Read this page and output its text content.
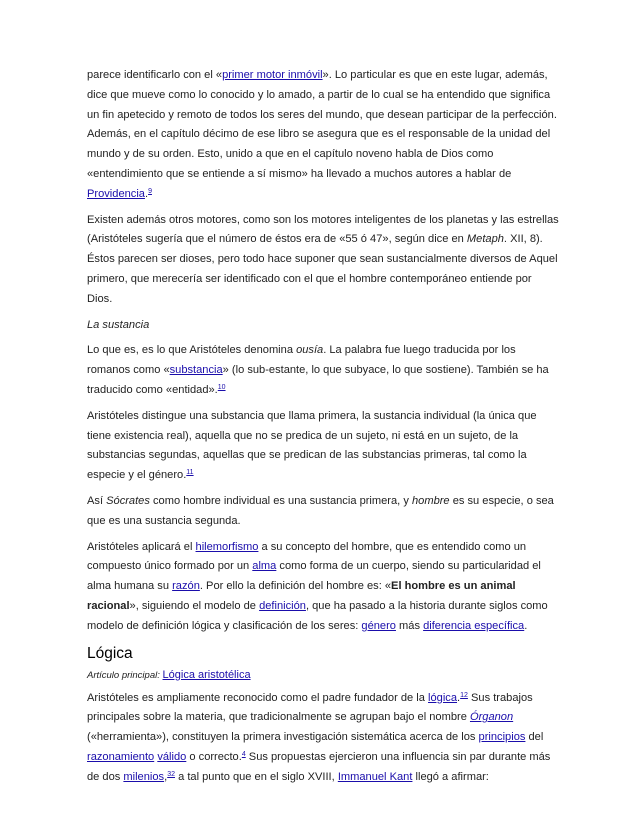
parece identificarlo con el «primer motor inmóvil». Lo particular es que en este lugar, además, dice que mueve como lo conocido y lo amado, a partir de lo cual se ha entendido que significa un fin apetecido y remoto de todos los seres del mundo, que desean participar de la perfección. Además, en el capítulo décimo de ese libro se asegura que es el responsable de la unidad del mundo y de su orden. Esto, unido a que en el capítulo noveno habla de Dios como «entendimiento que se entiende a sí mismo» ha llevado a muchos autores a hablar de Providencia.$^9$

Existen además otros motores, como son los motores inteligentes de los planetas y las estrellas (Aristóteles sugería que el número de éstos era de «55 ó 47», según dice en Metaph. XII, 8). Éstos parecen ser dioses, pero todo hace suponer que sean sustancialmente diversos de Aquel primero, que merecería ser identificado con el que el hombre contemporáneo entiende por Dios.

La sustancia

Lo que es, es lo que Aristóteles denomina ousía. La palabra fue luego traducida por los romanos como «substancia» (lo sub-estante, lo que subyace, lo que sostiene). También se ha traducido como «entidad».$^{10}$

Aristóteles distingue una substancia que llama primera, la sustancia individual (la única que tiene existencia real), aquella que no se predica de un sujeto, ni está en un sujeto, de la substancias segundas, aquellas que se predican de las substancias primeras, tal como la especie y el género.$^{11}$

Así Sócrates como hombre individual es una sustancia primera, y hombre es su especie, o sea que es una sustancia segunda.

Aristóteles aplicará el hilemorfismo a su concepto del hombre, que es entendido como un compuesto único formado por un alma como forma de un cuerpo, siendo su particularidad el alma humana su razón. Por ello la definición del hombre es: «El hombre es un animal racional», siguiendo el modelo de definición, que ha pasado a la historia durante siglos como modelo de definición lógica y clasificación de los seres: género más diferencia específica.

Lógica

Artículo principal: Lógica aristotélica

Aristóteles es ampliamente reconocido como el padre fundador de la lógica.$^{12}$ Sus trabajos principales sobre la materia, que tradicionalmente se agrupan bajo el nombre Órganon («herramienta»), constituyen la primera investigación sistemática acerca de los principios del razonamiento válido o correcto.$^4$ Sus propuestas ejercieron una influencia sin par durante más de dos milenios,$^{32}$ a tal punto que en el siglo XVIII, Immanuel Kant llegó a afirmar:
